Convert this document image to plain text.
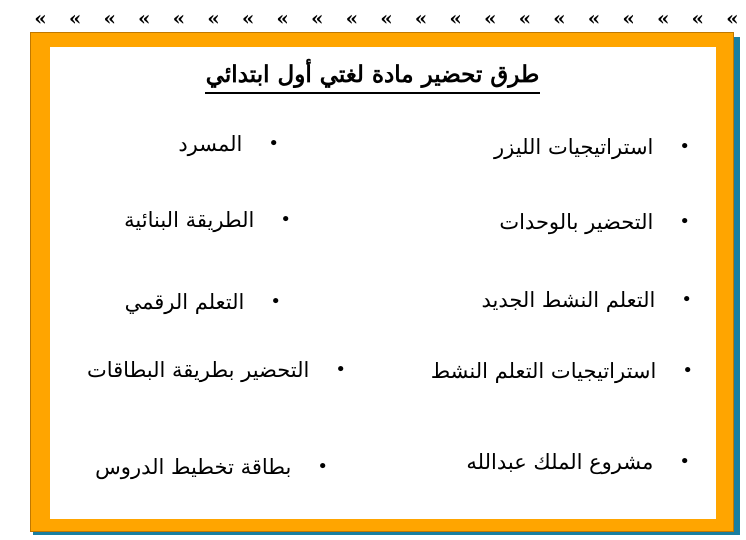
« « « « « « « « « « « « « « « « « « « « «
طرق تحضير مادة لغتي أول ابتدائي
•
استراتيجيات الليزر
•
التحضير بالوحدات
•
التعلم النشط الجديد
•
استراتيجيات التعلم النشط
•
مشروع الملك عبدالله
•
المسرد
•
الطريقة البنائية
•
التعلم الرقمي
•
التحضير بطريقة البطاقات
•
بطاقة تخطيط الدروس
